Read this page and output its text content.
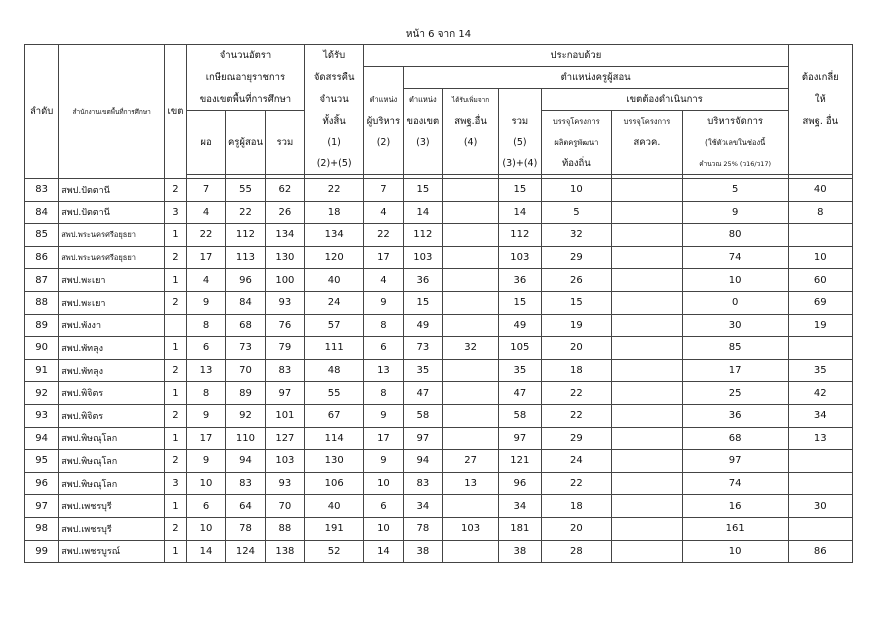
หน้า 6 จาก 14
ลำดับ	สำนักงานเขตพื้นที่การศึกษา	เขต	จำนวนอัตรา			ได้รับ	ประกอบด้วย							
			เกษียณอายุราชการ			จัดสรรคืน		ตำแหน่งครูผู้สอน						ต้องเกลี่ย
			ของเขตพื้นที่การศึกษา			จำนวน	ตำแหน่ง	ตำแหน่ง	ได้รับเพิ่มจาก		เขตต้องดำเนินการ			ให้
			ผอ	ครูผู้สอน	รวม	ทั้งสิ้น	ผู้บริหาร	ของเขต	สพฐ.อื่น	รวม	บรรจุโครงการ	บรรจุโครงการ	บริหารจัดการ	สพฐ. อื่น
						(1)	(2)	(3)	(4)	(5)	ผลิตครูพัฒนา	สควค.	(ใช้ตัวเลขในช่องนี้	
						(2)+(5)				(3)+(4)	ท้องถิ่น		คำนวณ 25% (ว16/ว17)	

83	สพป.ปัตตานี	2	7	55	62	22	7	15		15	10		5	40
84	สพป.ปัตตานี	3	4	22	26	18	4	14		14	5		9	8
85	สพป.พระนครศรีอยุธยา	1	22	112	134	134	22	112		112	32		80	
86	สพป.พระนครศรีอยุธยา	2	17	113	130	120	17	103		103	29		74	10
87	สพป.พะเยา	1	4	96	100	40	4	36		36	26		10	60
88	สพป.พะเยา	2	9	84	93	24	9	15		15	15		0	69
89	สพป.พังงา		8	68	76	57	8	49		49	19		30	19
90	สพป.พัทลุง	1	6	73	79	111	6	73	32	105	20		85	
91	สพป.พัทลุง	2	13	70	83	48	13	35		35	18		17	35
92	สพป.พิจิตร	1	8	89	97	55	8	47		47	22		25	42
93	สพป.พิจิตร	2	9	92	101	67	9	58		58	22		36	34
94	สพป.พิษณุโลก	1	17	110	127	114	17	97		97	29		68	13
95	สพป.พิษณุโลก	2	9	94	103	130	9	94	27	121	24		97	
96	สพป.พิษณุโลก	3	10	83	93	106	10	83	13	96	22		74	
97	สพป.เพชรบุรี	1	6	64	70	40	6	34		34	18		16	30
98	สพป.เพชรบุรี	2	10	78	88	191	10	78	103	181	20		161	
99	สพป.เพชรบูรณ์	1	14	124	138	52	14	38		38	28		10	86
